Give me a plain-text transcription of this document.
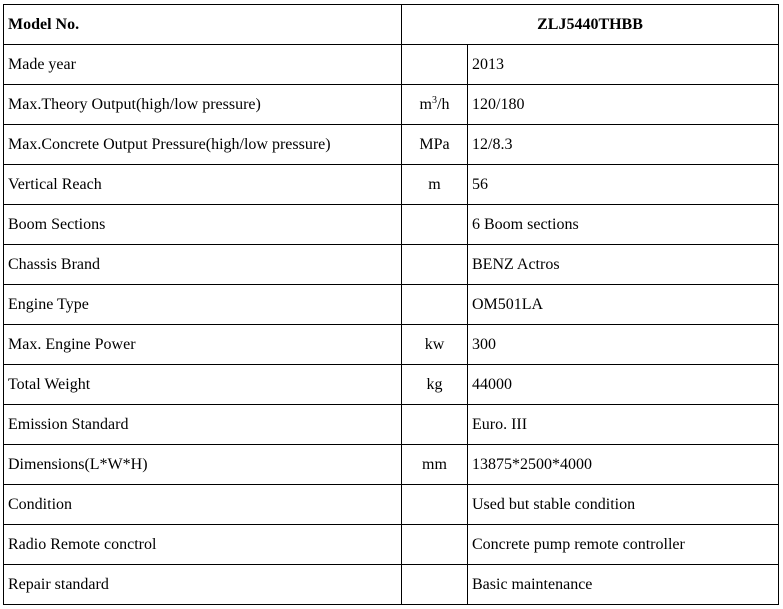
Model No.	ZLJ5440THBB	
Made year		2013
Max.Theory Output(high/low pressure)	$m^3/h$	120/180
Max.Concrete Output Pressure(high/low pressure)	MPa	12/8.3
Vertical Reach	m	56
Boom Sections		6 Boom sections
Chassis Brand		BENZ Actros
Engine Type		OM501LA
Max. Engine Power	kw	300
Total Weight	kg	44000
Emission Standard		Euro. III
Dimensions(L*W*H)	mm	13875*2500*4000
Condition		Used but stable condition
Radio Remote conctrol		Concrete pump remote controller
Repair standard		Basic maintenance
